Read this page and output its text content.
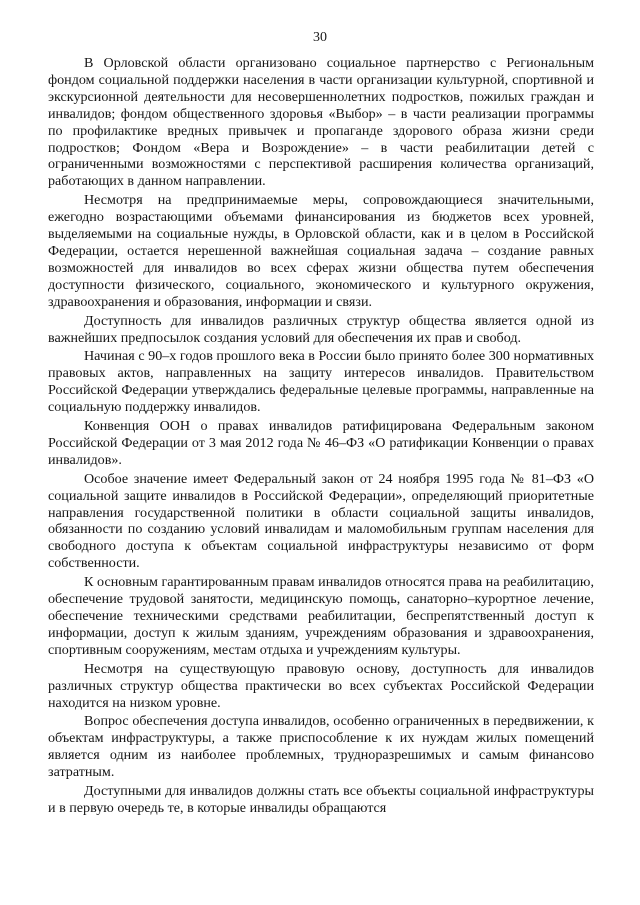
30

В Орловской области организовано социальное партнерство с Региональным фондом социальной поддержки населения в части организации культурной, спортивной и экскурсионной деятельности для несовершеннолетних подростков, пожилых граждан и инвалидов; фондом общественного здоровья «Выбор» – в части реализации программы по профилактике вредных привычек и пропаганде здорового образа жизни среди подростков; Фондом «Вера и Возрождение» – в части реабилитации детей с ограниченными возможностями с перспективой расширения количества организаций, работающих в данном направлении.

Несмотря на предпринимаемые меры, сопровождающиеся значительными, ежегодно возрастающими объемами финансирования из бюджетов всех уровней, выделяемыми на социальные нужды, в Орловской области, как и в целом в Российской Федерации, остается нерешенной важнейшая социальная задача – создание равных возможностей для инвалидов во всех сферах жизни общества путем обеспечения доступности физического, социального, экономического и культурного окружения, здравоохранения и образования, информации и связи.

Доступность для инвалидов различных структур общества является одной из важнейших предпосылок создания условий для обеспечения их прав и свобод.

Начиная с 90–х годов прошлого века в России было принято более 300 нормативных правовых актов, направленных на защиту интересов инвалидов. Правительством Российской Федерации утверждались федеральные целевые программы, направленные на социальную поддержку инвалидов.

Конвенция ООН о правах инвалидов ратифицирована Федеральным законом Российской Федерации от 3 мая 2012 года № 46–ФЗ «О ратификации Конвенции о правах инвалидов».

Особое значение имеет Федеральный закон от 24 ноября 1995 года № 81–ФЗ «О социальной защите инвалидов в Российской Федерации», определяющий приоритетные направления государственной политики в области социальной защиты инвалидов, обязанности по созданию условий инвалидам и маломобильным группам населения для свободного доступа к объектам социальной инфраструктуры независимо от форм собственности.

К основным гарантированным правам инвалидов относятся права на реабилитацию, обеспечение трудовой занятости, медицинскую помощь, санаторно–курортное лечение, обеспечение техническими средствами реабилитации, беспрепятственный доступ к информации, доступ к жилым зданиям, учреждениям образования и здравоохранения, спортивным сооружениям, местам отдыха и учреждениям культуры.

Несмотря на существующую правовую основу, доступность для инвалидов различных структур общества практически во всех субъектах Российской Федерации находится на низком уровне.

Вопрос обеспечения доступа инвалидов, особенно ограниченных в передвижении, к объектам инфраструктуры, а также приспособление к их нуждам жилых помещений является одним из наиболее проблемных, трудноразрешимых и самым финансово затратным.

Доступными для инвалидов должны стать все объекты социальной инфраструктуры и в первую очередь те, в которые инвалиды обращаются
